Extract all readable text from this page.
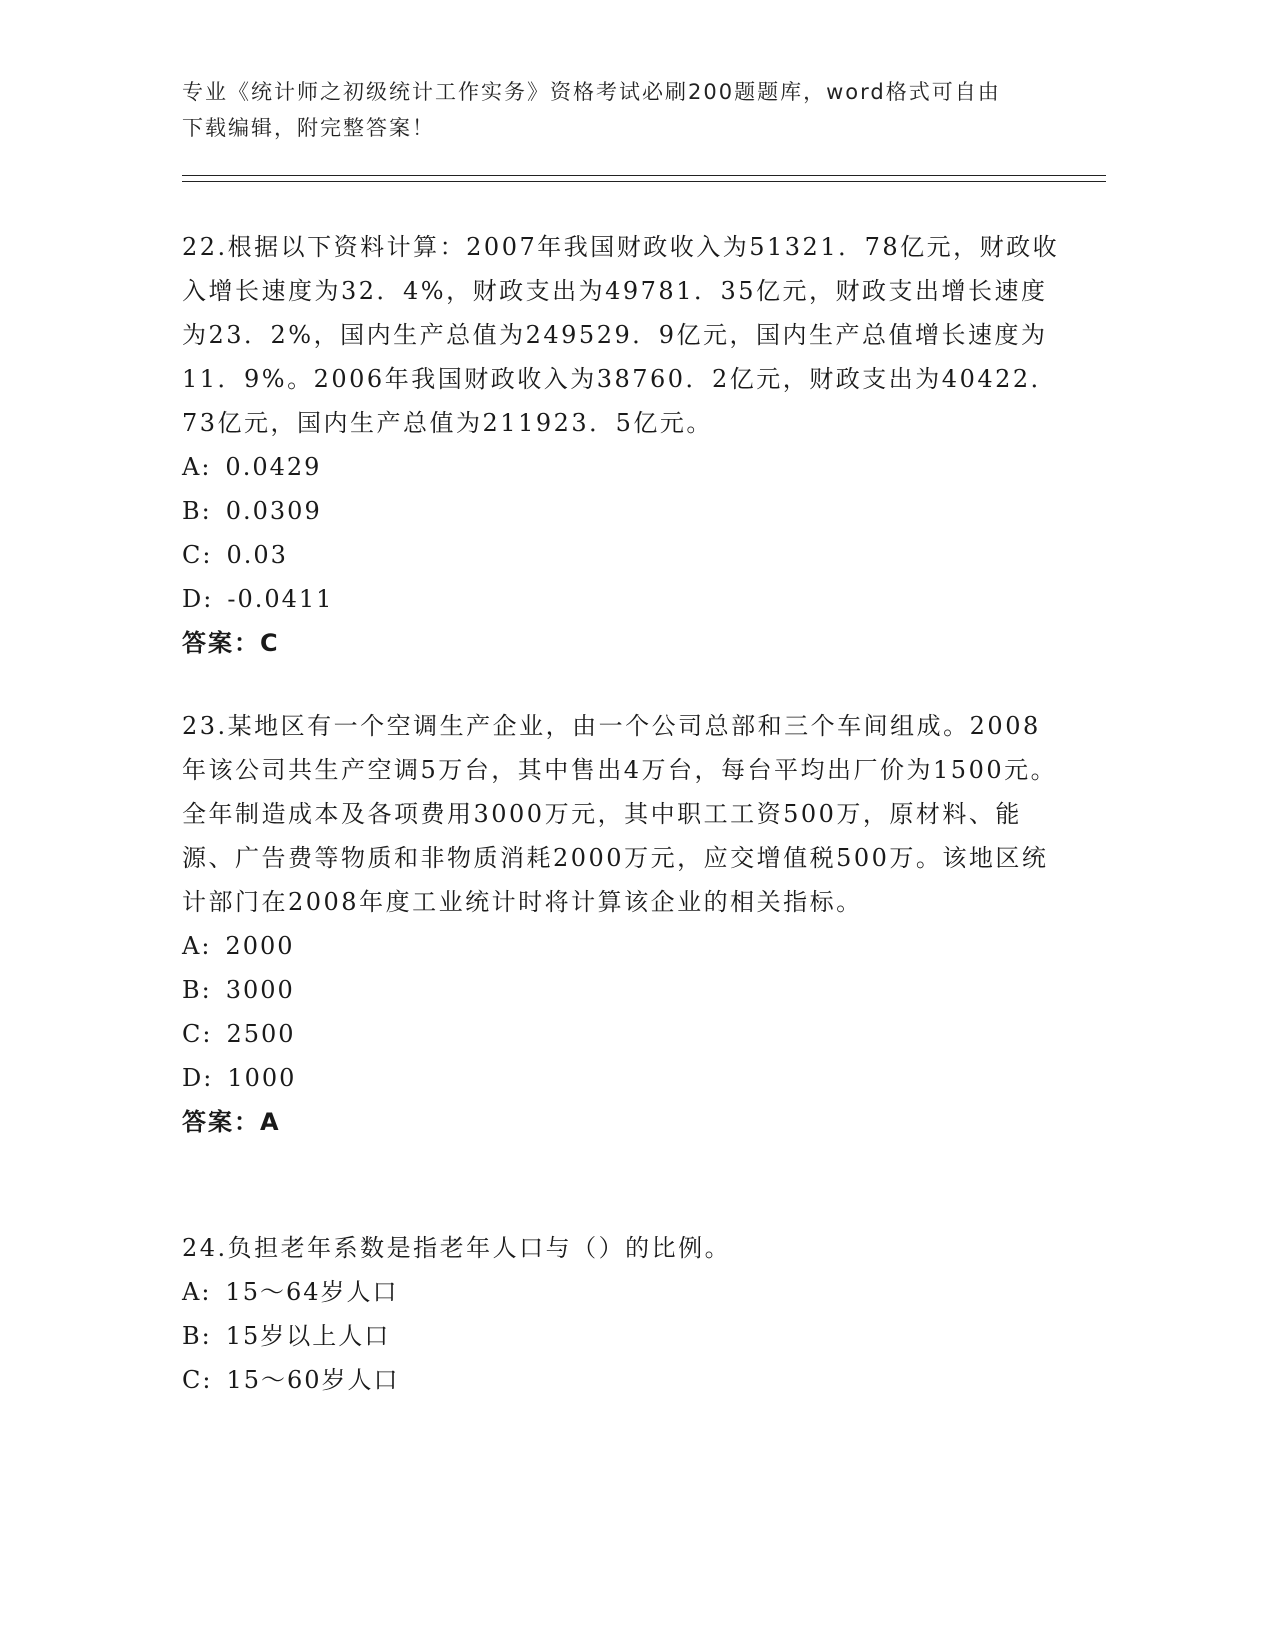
专业《统计师之初级统计工作实务》资格考试必刷200题题库，word格式可自由
下载编辑，附完整答案！

22.根据以下资料计算：2007年我国财政收入为51321．78亿元，财政收入增长速度为32．4%，财政支出为49781．35亿元，财政支出增长速度为23．2%，国内生产总值为249529．9亿元，国内生产总值增长速度为11．9%。2006年我国财政收入为38760．2亿元，财政支出为40422．73亿元，国内生产总值为211923．5亿元。

A: 0.0429
B: 0.0309
C: 0.03
D: -0.0411
答案：C

23.某地区有一个空调生产企业，由一个公司总部和三个车间组成。2008年该公司共生产空调5万台，其中售出4万台，每台平均出厂价为1500元。全年制造成本及各项费用3000万元，其中职工工资500万，原材料、能源、广告费等物质和非物质消耗2000万元，应交增值税500万。该地区统计部门在2008年度工业统计时将计算该企业的相关指标。

A: 2000
B: 3000
C: 2500
D: 1000
答案：A

24.负担老年系数是指老年人口与（）的比例。

A: 15～64岁人口
B: 15岁以上人口
C: 15～60岁人口
